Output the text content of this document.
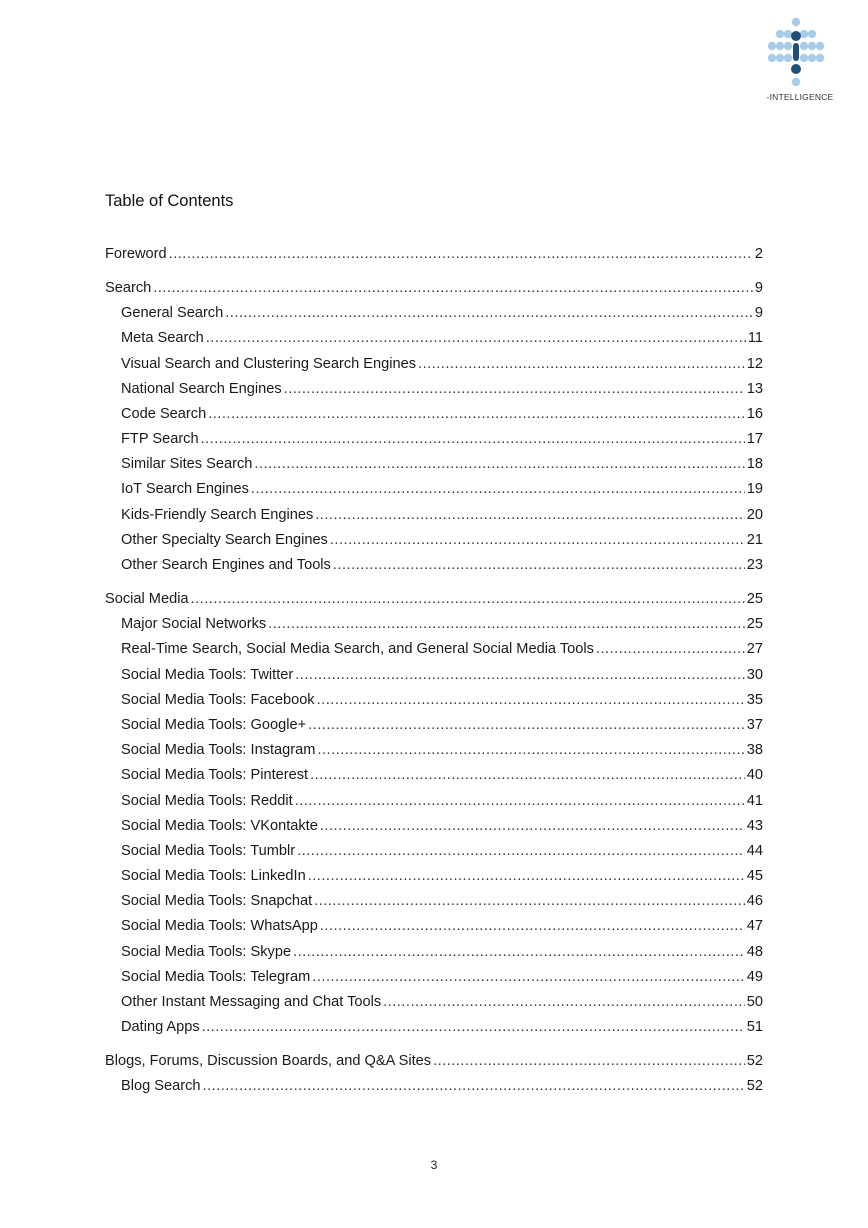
-INTELLIGENCE
Table of Contents
Foreword .....	2
Search .....	9
General Search .....	9
Meta Search .....	11
Visual Search and Clustering Search Engines .....	12
National Search Engines .....	13
Code Search .....	16
FTP Search .....	17
Similar Sites Search .....	18
IoT Search Engines .....	19
Kids-Friendly Search Engines .....	20
Other Specialty Search Engines .....	21
Other Search Engines and Tools .....	23
Social Media .....	25
Major Social Networks .....	25
Real-Time Search, Social Media Search, and General Social Media Tools .....	27
Social Media Tools: Twitter .....	30
Social Media Tools: Facebook .....	35
Social Media Tools: Google+ .....	37
Social Media Tools: Instagram .....	38
Social Media Tools: Pinterest .....	40
Social Media Tools: Reddit .....	41
Social Media Tools: VKontakte .....	43
Social Media Tools: Tumblr .....	44
Social Media Tools: LinkedIn .....	45
Social Media Tools: Snapchat .....	46
Social Media Tools: WhatsApp .....	47
Social Media Tools: Skype .....	48
Social Media Tools: Telegram .....	49
Other Instant Messaging and Chat Tools .....	50
Dating Apps .....	51
Blogs, Forums, Discussion Boards, and Q&A Sites .....	52
Blog Search .....	52
3
